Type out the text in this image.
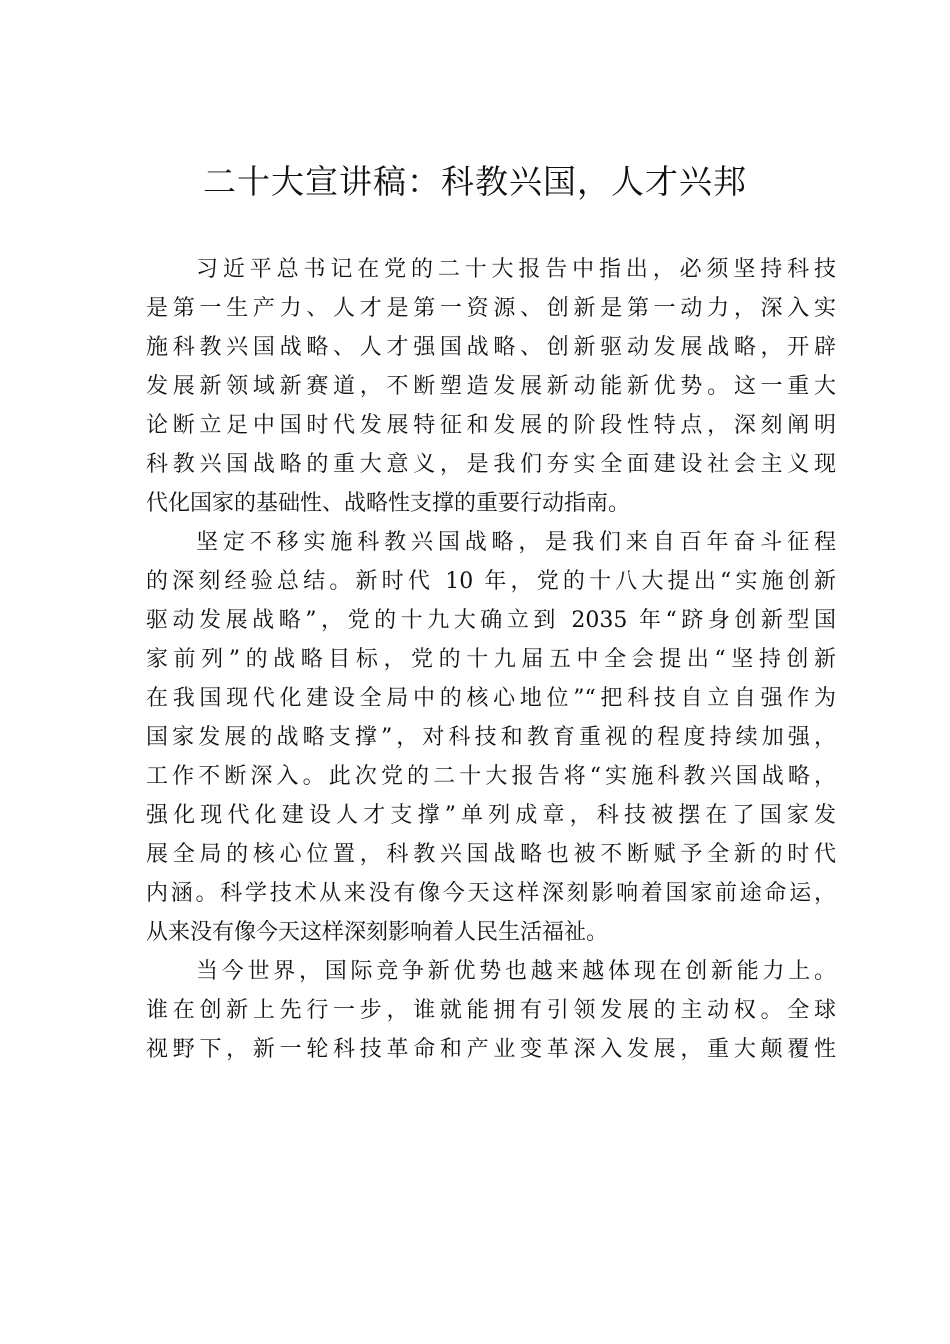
二十大宣讲稿：科教兴国，人才兴邦
习近平总书记在党的二十大报告中指出，必须坚持科技
是第一生产力、人才是第一资源、创新是第一动力，深入实
施科教兴国战略、人才强国战略、创新驱动发展战略，开辟
发展新领域新赛道，不断塑造发展新动能新优势。这一重大
论断立足中国时代发展特征和发展的阶段性特点，深刻阐明
科教兴国战略的重大意义，是我们夯实全面建设社会主义现
代化国家的基础性、战略性支撑的重要行动指南。
坚定不移实施科教兴国战略，是我们来自百年奋斗征程
的深刻经验总结。新时代 10 年，党的十八大提出“实施创新
驱动发展战略”，党的十九大确立到 2035 年“跻身创新型国
家前列”的战略目标，党的十九届五中全会提出“坚持创新
在我国现代化建设全局中的核心地位”“把科技自立自强作为
国家发展的战略支撑”，对科技和教育重视的程度持续加强，
工作不断深入。此次党的二十大报告将“实施科教兴国战略，
强化现代化建设人才支撑”单列成章，科技被摆在了国家发
展全局的核心位置，科教兴国战略也被不断赋予全新的时代
内涵。科学技术从来没有像今天这样深刻影响着国家前途命运，
从来没有像今天这样深刻影响着人民生活福祉。
当今世界，国际竞争新优势也越来越体现在创新能力上。
谁在创新上先行一步，谁就能拥有引领发展的主动权。全球
视野下，新一轮科技革命和产业变革深入发展，重大颠覆性
